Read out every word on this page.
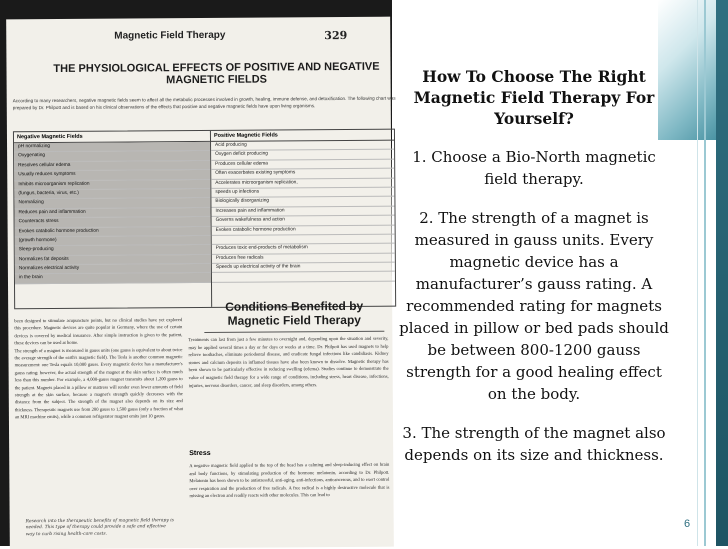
Magnetic Field Therapy	329
THE PHYSIOLOGICAL EFFECTS OF POSITIVE AND NEGATIVE MAGNETIC FIELDS
According to many researchers, negative magnetic fields seem to affect all the metabolic processes involved in growth, healing, immune defense, and detoxification. The following chart was prepared by Dr. Philpott and is based on his clinical observations of the effects that positive and negative magnetic fields have upon living organisms.
Negative Magnetic Fields
pH normalizing
Oxygenating
Resolves cellular edema
Usually reduces symptoms
Inhibits microorganism replication
(fungus, bacteria, virus, etc.)
Normalizing
Reduces pain and inflammation
Counteracts stress
Evokes catabolic hormone production
(growth hormone)
Sleep-producing
Normalizes fat deposits
Normalizes electrical activity
in the brain
Positive Magnetic Fields
Acid producing
Oxygen deficit producing
Produces cellular edema
Often exacerbates existing symptoms
Accelerates microorganism replication,
speeds up infections
Biologically disorganizing
Increases pain and inflammation
Governs wakefulness and action
Evokes catabolic hormone production
Produces toxic end-products of metabolism
Produces free radicals
Speeds up electrical activity of the brain

been designed to stimulate acupuncture points, but no clinical studies have yet explored this procedure. Magnetic devices are quite popular in Germany, where the use of certain devices is covered by medical insurance. After simple instruction is given to the patient, these devices can be used at home.

The strength of a magnet is measured in gauss units (one gauss is equivalent to about twice the average strength of the earth's magnetic field). The Tesla is another common magnetic measurement: one Tesla equals 10,000 gauss. Every magnetic device has a manufacturer's gauss rating; however, the actual strength of the magnet at the skin surface is often much less than this number. For example, a 4,000-gauss magnet transmits about 1,200 gauss to the patient. Magnets placed in a pillow or mattress will render even lower amounts of field strength at the skin surface, because a magnet's strength quickly decreases with the distance from the subject. The strength of the magnet also depends on its size and thickness. Therapeutic magnets use from 200 gauss to 1,500 gauss (only a fraction of what an MRI machine emits), while a common refrigerator magnet emits just 10 gauss.

Research into the therapeutic benefits of magnetic field therapy is needed. This type of therapy could provide a safe and effective way to curb rising health-care costs.
Conditions Benefited by Magnetic Field Therapy

Treatments can last from just a few minutes to overnight and, depending upon the situation and severity, may be applied several times a day or for days or weeks at a time. Dr. Philpott has used magnets to help relieve toothaches, eliminate periodontal disease, and eradicate fungal infections like candidiasis. Kidney stones and calcium deposits in inflamed tissues have also been known to dissolve. Magnetic therapy has been shown to be particularly effective in reducing swelling (edema). Studies continue to demonstrate the value of magnetic field therapy for a wide range of conditions, including stress, heart disease, infections, injuries, nervous disorders, cancer, and sleep disorders, among others.

Stress

A negative magnetic field applied to the top of the head has a calming and sleep-inducing effect on brain and body functions, by stimulating production of the hormone melatonin, according to Dr. Philpott. Melatonin has been shown to be antistressful, anti-aging, anti-infectious, anticancerous, and to exert control over respiration and the production of free radicals. A free radical is a highly destructive molecule that is missing an electron and readily reacts with other molecules. This can lead to

How To Choose The Right Magnetic Field Therapy For Yourself?
1. Choose a Bio-North magnetic field therapy.
2. The strength of a magnet is measured in gauss units. Every magnetic device has a manufacturer’s gauss rating. A recommended rating for magnets placed in pillow or bed pads should be between 800-1200 gauss strength for a good healing effect on the body.
3. The strength of the magnet also depends on its size and thickness.
6
